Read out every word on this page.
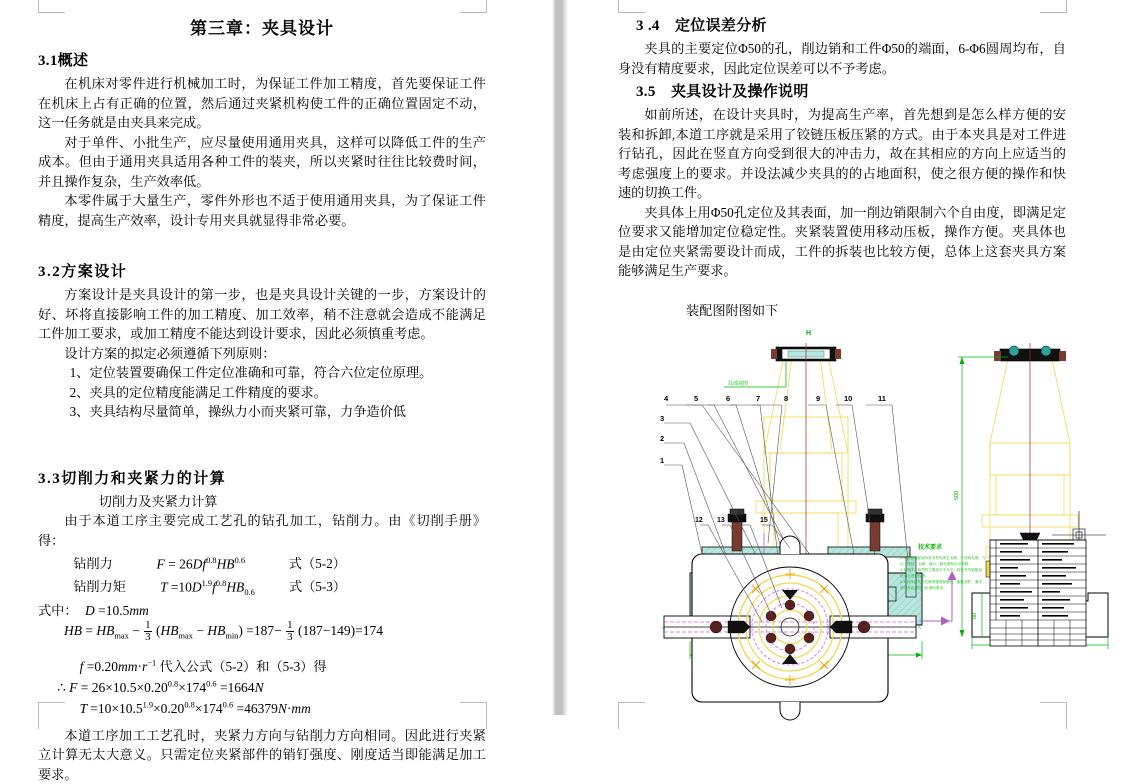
第三章：夹具设计
3.1概述

在机床对零件进行机械加工时，为保证工件加工精度，首先要保证工件在机床上占有正确的位置，然后通过夹紧机构使工件的正确位置固定不动，这一任务就是由夹具来完成。

对于单件、小批生产，应尽量使用通用夹具，这样可以降低工件的生产成本。但由于通用夹具适用各种工件的装夹，所以夹紧时往往比较费时间，并且操作复杂，生产效率低。

本零件属于大量生产，零件外形也不适于使用通用夹具，为了保证工件精度，提高生产效率，设计专用夹具就显得非常必要。

3.2方案设计

方案设计是夹具设计的第一步，也是夹具设计关键的一步，方案设计的好、坏将直接影响工件的加工精度、加工效率，稍不注意就会造成不能满足工件加工要求，或加工精度不能达到设计要求，因此必须慎重考虑。

设计方案的拟定必须遵循下列原则：

1、定位装置要确保工件定位准确和可靠，符合六位定位原理。

2、夹具的定位精度能满足工件精度的要求。

3、夹具结构尽量简单，操纵力小而夹紧可靠，力争造价低

3.3切削力和夹紧力的计算

切削力及夹紧力计算

由于本道工序主要完成工艺孔的钻孔加工，钻削力。由《切削手册》得：

钻削力	$F = 26Df^{0.8}HB^{0.6}$	式（5-2）
钻削力矩	$T =10D^{1.9}f^{0.8}HB_{0.6}$	式（5-3）
式中： D =10.5mm HB = $HB_{max} - \frac{1}{3} (HB_{max} - HB_{min}) =187- \frac{1}{3} (187-149)=174$
$f =0.20mm\cdot r^{-1}$ 代入公式（5-2）和（5-3）得
∴ $F = 26\times 10.5\times 0.20^{0.8}\times 174^{0.6} =1664N$
$T =10\times 10.5^{1.9}\times 0.20^{0.8}\times 174^{0.6} =46379N\cdot mm$

本道工序加工工艺孔时，夹紧力方向与钻削力方向相同。因此进行夹紧立计算无太大意义。只需定位夹紧部件的销钉强度、刚度适当即能满足加工要求。

3 .4　定位误差分析

夹具的主要定位Φ50的孔，削边销和工件Φ50的端面，6-Φ6圆周均布，自身没有精度要求，因此定位误差可以不予考虑。

3.5　夹具设计及操作说明

如前所述，在设计夹具时，为提高生产率，首先想到是怎么样方便的安装和拆卸,本道工序就是采用了铰链压板压紧的方式。由于本夹具是对工件进行钻孔，因此在竖直方向受到很大的冲击力，故在其相应的方向上应适当的考虑强度上的要求。并设法减少夹具的的占地面积，使之很方便的操作和快速的切换工件。

夹具体上用Φ50孔定位及其表面，加一削边销限制六个自由度，即满足定位要求又能增加定位稳定性。夹紧装置使用移动压板，操作方便。夹具体也是由定位夹紧需要设计而成，工件的拆装也比较方便，总体上这套夹具方案能够满足生产要求。

装配图附图如下
H
局部视图
4	5	6	7	8	9	10	11
3
2
1
500
80
A	A
12 13 14 15
技术要求
1.夹具在装配前所有零件均须去毛刺、不得有毛刺、飞
边、锈蚀、毛刺、油污、磨毛面和污点说明。
2.夹具体、和件的主要部分不大小，检验夹具装配前
应适当进行检查。
3.夹具体应具有足够的强度和刚性、刚性部件，要求
部门有必要进行检查的要求。
